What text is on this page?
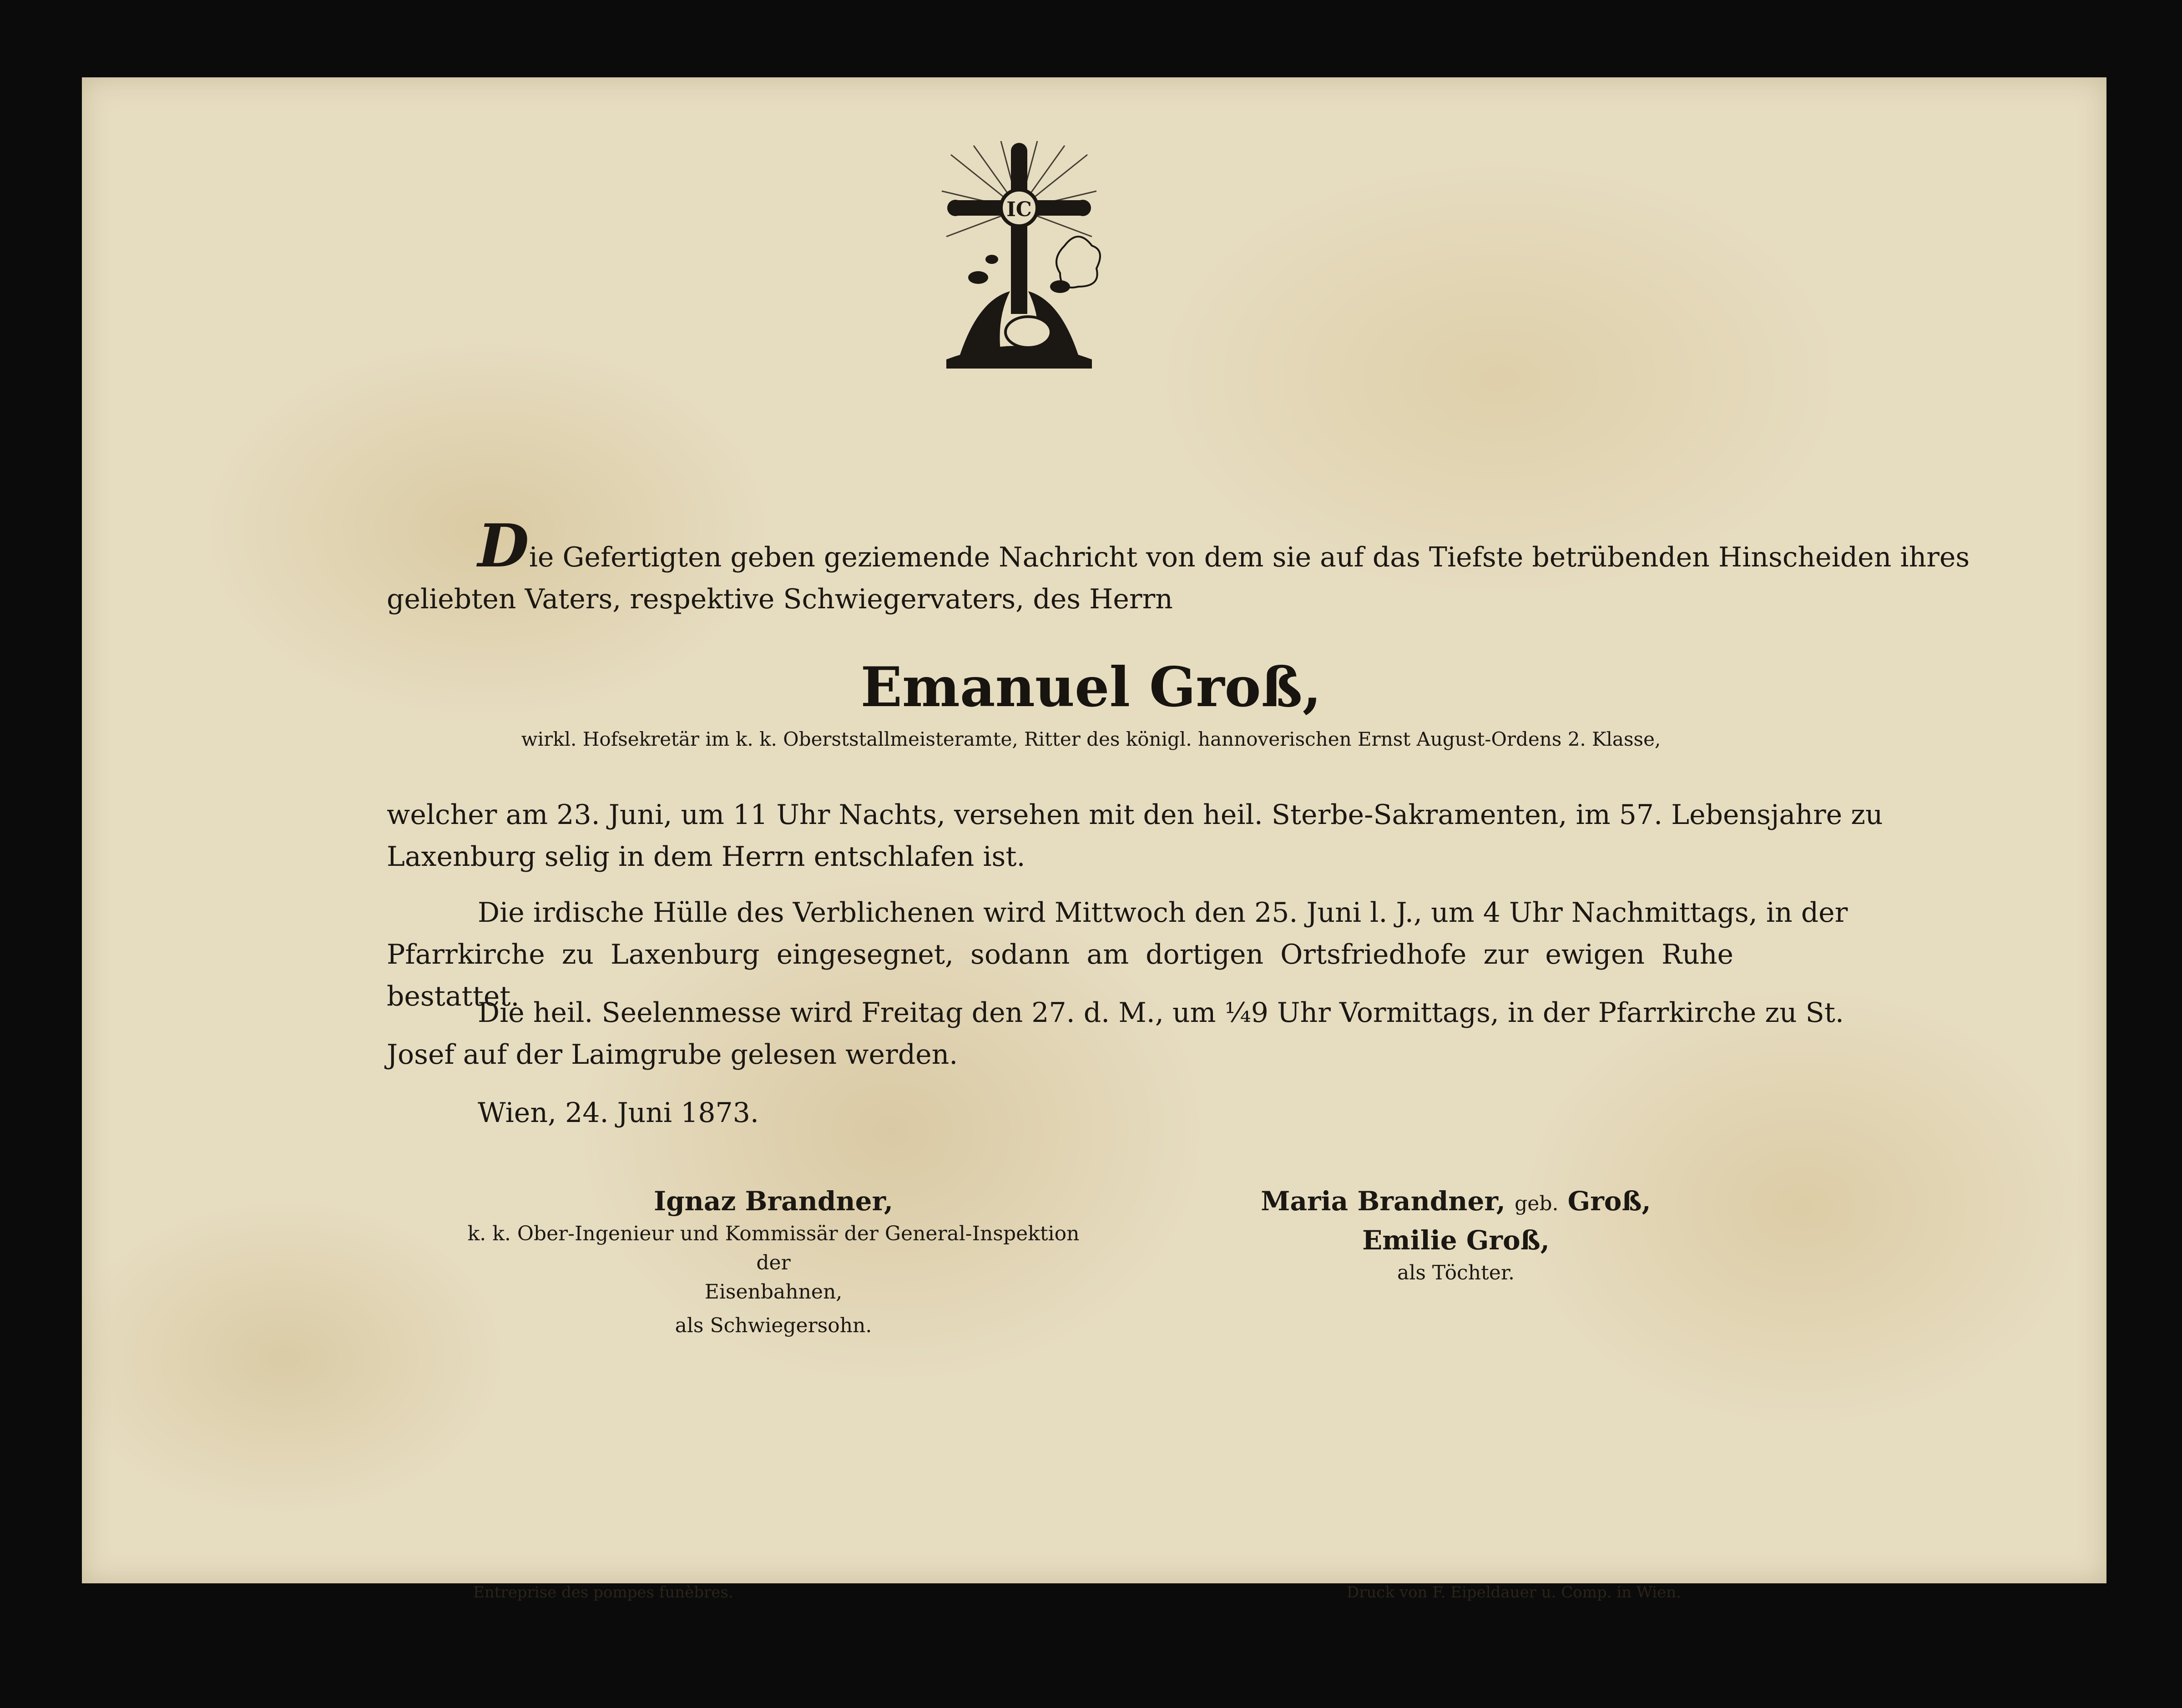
IC
Die Gefertigten geben geziemende Nachricht von dem sie auf das Tiefste betrübenden Hinscheiden ihres
geliebten Vaters, respektive Schwiegervaters, des Herrn
Emanuel Groß,
wirkl. Hofsekretär im k. k. Oberststallmeisteramte, Ritter des königl. hannoverischen Ernst August-Ordens 2. Klasse,
welcher am 23. Juni, um 11 Uhr Nachts, versehen mit den heil. Sterbe-Sakramenten, im 57. Lebensjahre zu
Laxenburg selig in dem Herrn entschlafen ist.
Die irdische Hülle des Verblichenen wird Mittwoch den 25. Juni l. J., um 4 Uhr Nachmittags, in der
Pfarrkirche zu Laxenburg eingesegnet, sodann am dortigen Ortsfriedhofe zur ewigen Ruhe bestattet.
Die heil. Seelenmesse wird Freitag den 27. d. M., um ¼9 Uhr Vormittags, in der Pfarrkirche zu St.
Josef auf der Laimgrube gelesen werden.
Wien, 24. Juni 1873.
Ignaz Brandner,
k. k. Ober-Ingenieur und Kommissär der General-Inspektion der
Eisenbahnen,
als Schwiegersohn.
Maria Brandner, geb. Groß,
Emilie Groß,
als Töchter.
Entreprise des pompes funèbres.	Druck von F. Eipeldauer u. Comp. in Wien.
